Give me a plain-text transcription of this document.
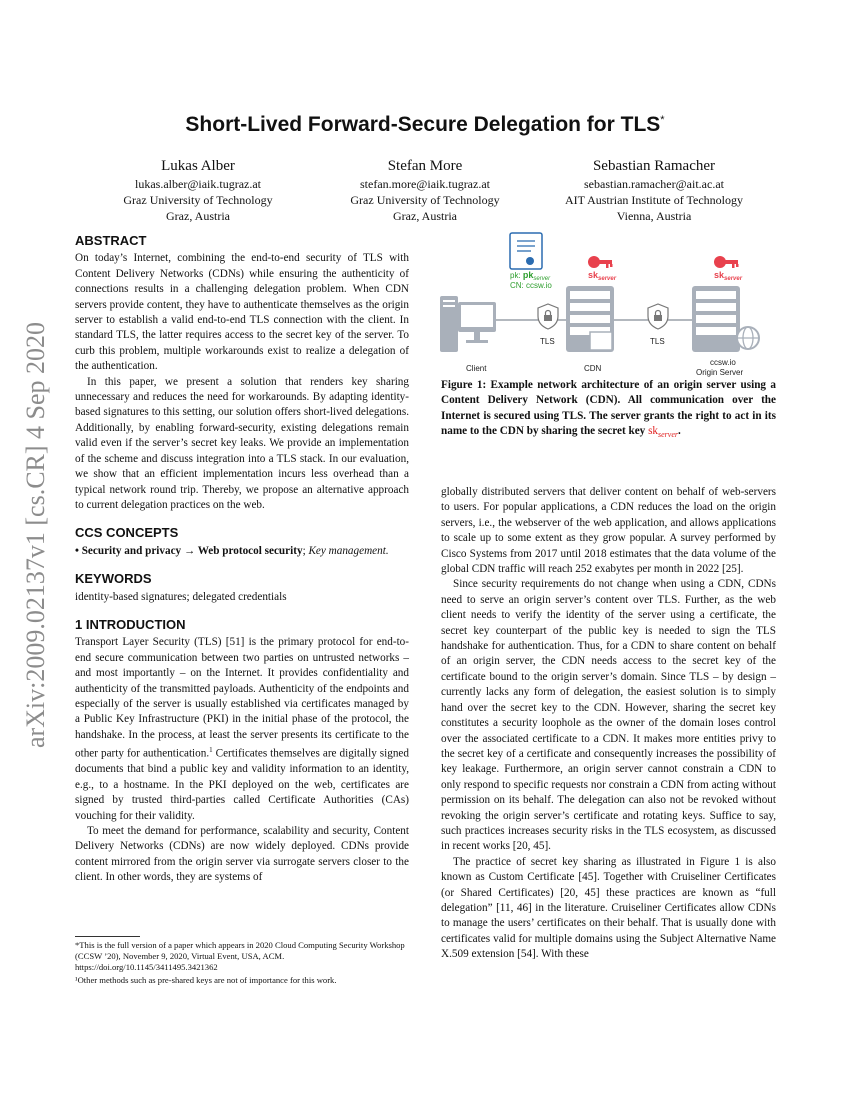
arXiv:2009.02137v1 [cs.CR] 4 Sep 2020
Short-Lived Forward-Secure Delegation for TLS*
Lukas Alber
lukas.alber@iaik.tugraz.at
Graz University of Technology
Graz, Austria
Stefan More
stefan.more@iaik.tugraz.at
Graz University of Technology
Graz, Austria
Sebastian Ramacher
sebastian.ramacher@ait.ac.at
AIT Austrian Institute of Technology
Vienna, Austria
ABSTRACT

On today’s Internet, combining the end-to-end security of TLS with Content Delivery Networks (CDNs) while ensuring the authenticity of connections results in a challenging delegation problem. When CDN servers provide content, they have to authenticate themselves as the origin server to establish a valid end-to-end TLS connection with the client. In standard TLS, the latter requires access to the secret key of the server. To curb this problem, multiple workarounds exist to realize a delegation of the authentication.

In this paper, we present a solution that renders key sharing unnecessary and reduces the need for workarounds. By adapting identity-based signatures to this setting, our solution offers short-lived delegations. Additionally, by enabling forward-security, existing delegations remain valid even if the server’s secret key leaks. We provide an implementation of the scheme and discuss integration into a TLS stack. In our evaluation, we show that an efficient implementation incurs less overhead than a typical network round trip. Thereby, we propose an alternative approach to current delegation practices on the web.

CCS CONCEPTS

• Security and privacy → Web protocol security; Key management.

KEYWORDS

identity-based signatures; delegated credentials

1 INTRODUCTION

Transport Layer Security (TLS) [51] is the primary protocol for end-to-end secure communication between two parties on untrusted networks – and most importantly – on the Internet. It provides confidentiality and authenticity of the transmitted payloads. Authenticity of the endpoints and especially of the server is usually established via certificates managed by a Public Key Infrastructure (PKI) in the initial phase of the protocol, the handshake. In the process, at least the server presents its certificate to the other party for authentication.$^1$ Certificates themselves are digitally signed documents that bind a public key and validity information to an identity, e.g., to a hostname. In the PKI deployed on the web, certificates are signed by trusted third-parties called Certificate Authorities (CAs) vouching for their validity.

To meet the demand for performance, scalability and security, Content Delivery Networks (CDNs) are now widely deployed. CDNs provide content mirrored from the origin server via surrogate servers closer to the client. In other words, they are systems of

*This is the full version of a paper which appears in 2020 Cloud Computing Security Workshop (CCSW ’20), November 9, 2020, Virtual Event, USA, ACM. https://doi.org/10.1145/3411495.3421362

¹Other methods such as pre-shared keys are not of importance for this work.

pk: $pk_{server}$
CN: ccsw.io
$sk_{server}$	$sk_{server}$
Client
TLS
CDN
TLS
ccsw.io
Origin Server
Figure 1: Example network architecture of an origin server using a Content Delivery Network (CDN). All communication over the Internet is secured using TLS. The server grants the right to act in its name to the CDN by sharing the secret key $sk_{server}$.

globally distributed servers that deliver content on behalf of web-servers to users. For popular applications, a CDN reduces the load on the origin servers, i.e., the webserver of the web application, and allows applications to scale up to some extent as they grow popular. A survey performed by Cisco Systems from 2017 until 2018 estimates that the data volume of the global CDN traffic will reach 252 exabytes per month in 2022 [25].

Since security requirements do not change when using a CDN, CDNs need to serve an origin server’s content over TLS. Further, as the web client needs to verify the identity of the server using a certificate, the secret key counterpart of the public key is needed to sign the TLS handshake for authentication. Thus, for a CDN to share content on behalf of an origin server, the CDN needs access to the secret key of the certificate bound to the origin server’s domain. Since TLS – by design – currently lacks any form of delegation, the easiest solution is to simply hand over the secret key to the CDN. However, sharing the secret key constitutes a security loophole as the owner of the domain loses control over the associated certificate to a CDN. It makes more entities privy to the secret key of a certificate and consequently increases the possibility of key leakage. Furthermore, an origin server cannot constrain a CDN to only respond to specific requests nor constrain a CDN from acting without permission on its behalf. The delegation can also not be revoked without revoking the origin server’s certificate and rotating keys. Suffice to say, such practices increases security risks in the TLS ecosystem, as discussed in recent works [20, 45].

The practice of secret key sharing as illustrated in Figure 1 is also known as Custom Certificate [45]. Together with Cruiseliner Certificates (or Shared Certificates) [20, 45] these practices are known as “full delegation” [11, 46] in the literature. Cruiseliner Certificates allow CDNs to manage the users’ certificates on their behalf. That is usually done with certificates valid for multiple domains using the Subject Alternative Name X.509 extension [54]. With these
